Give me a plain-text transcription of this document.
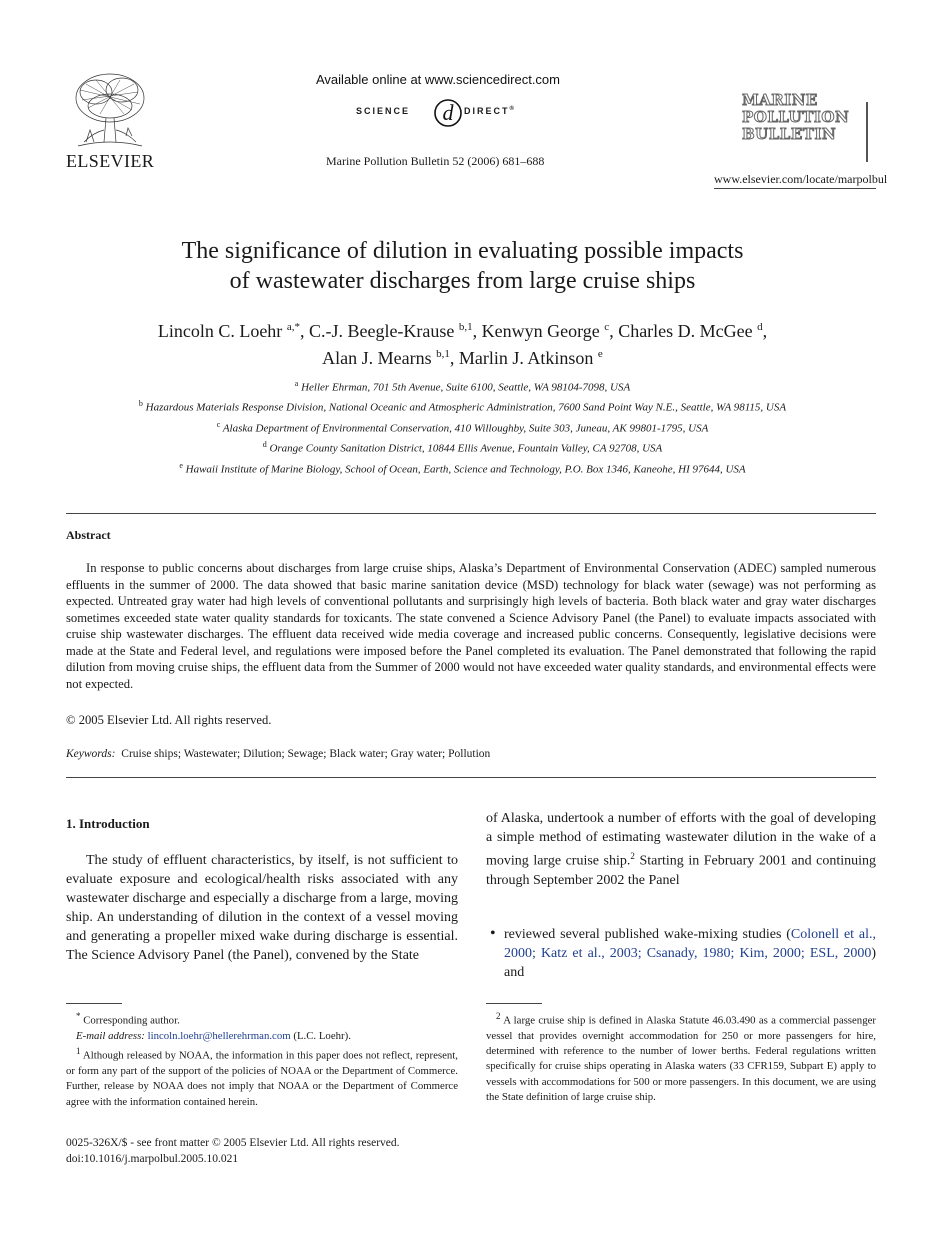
ELSEVIER
Available online at www.sciencedirect.com
SCIENCE d DIRECT®
Marine Pollution Bulletin 52 (2006) 681–688
MARINE
POLLUTION
BULLETIN
www.elsevier.com/locate/marpolbul
The significance of dilution in evaluating possible impacts
of wastewater discharges from large cruise ships
Lincoln C. Loehr $^{a,*}$, C.-J. Beegle-Krause $^{b,1}$, Kenwyn George $^c$, Charles D. McGee $^d$,
Alan J. Mearns $^{b,1}$, Marlin J. Atkinson $^e$
$^a$ Heller Ehrman, 701 5th Avenue, Suite 6100, Seattle, WA 98104-7098, USA
$^b$ Hazardous Materials Response Division, National Oceanic and Atmospheric Administration, 7600 Sand Point Way N.E., Seattle, WA 98115, USA
$^c$ Alaska Department of Environmental Conservation, 410 Willoughby, Suite 303, Juneau, AK 99801-1795, USA
$^d$ Orange County Sanitation District, 10844 Ellis Avenue, Fountain Valley, CA 92708, USA
$^e$ Hawaii Institute of Marine Biology, School of Ocean, Earth, Science and Technology, P.O. Box 1346, Kaneohe, HI 97644, USA
Abstract
In response to public concerns about discharges from large cruise ships, Alaska’s Department of Environmental Conservation (ADEC) sampled numerous effluents in the summer of 2000. The data showed that basic marine sanitation device (MSD) technology for black water (sewage) was not performing as expected. Untreated gray water had high levels of conventional pollutants and surprisingly high levels of bacteria. Both black water and gray water discharges sometimes exceeded state water quality standards for toxicants. The state convened a Science Advisory Panel (the Panel) to evaluate impacts associated with cruise ship wastewater discharges. The effluent data received wide media coverage and increased public concerns. Consequently, legislative decisions were made at the State and Federal level, and regulations were imposed before the Panel completed its evaluation. The Panel demonstrated that following the rapid dilution from moving cruise ships, the effluent data from the Summer of 2000 would not have exceeded water quality standards, and environmental effects were not expected.
© 2005 Elsevier Ltd. All rights reserved.
Keywords: Cruise ships; Wastewater; Dilution; Sewage; Black water; Gray water; Pollution
1. Introduction
The study of effluent characteristics, by itself, is not sufficient to evaluate exposure and ecological/health risks associated with any wastewater discharge and especially a discharge from a large, moving ship. An understanding of dilution in the context of a vessel moving and generating a propeller mixed wake during discharge is essential. The Science Advisory Panel (the Panel), convened by the State
of Alaska, undertook a number of efforts with the goal of developing a simple method of estimating wastewater dilution in the wake of a moving large cruise ship.$^2$ Starting in February 2001 and continuing through September 2002 the Panel
• reviewed several published wake-mixing studies (Colonell et al., 2000; Katz et al., 2003; Csanady, 1980; Kim, 2000; ESL, 2000) and
* Corresponding author.
E-mail address: lincoln.loehr@hellerehrman.com (L.C. Loehr).
$^1$ Although released by NOAA, the information in this paper does not reflect, represent, or form any part of the support of the policies of NOAA or the Department of Commerce. Further, release by NOAA does not imply that NOAA or the Department of Commerce agree with the information contained herein.
$^2$ A large cruise ship is defined in Alaska Statute 46.03.490 as a commercial passenger vessel that provides overnight accommodation for 250 or more passengers for hire, determined with reference to the number of lower berths. Federal regulations written specifically for cruise ships operating in Alaska waters (33 CFR159, Subpart E) apply to vessels with accommodations for 500 or more passengers. In this document, we are using the State definition of large cruise ship.
0025-326X/$ - see front matter © 2005 Elsevier Ltd. All rights reserved.
doi:10.1016/j.marpolbul.2005.10.021
